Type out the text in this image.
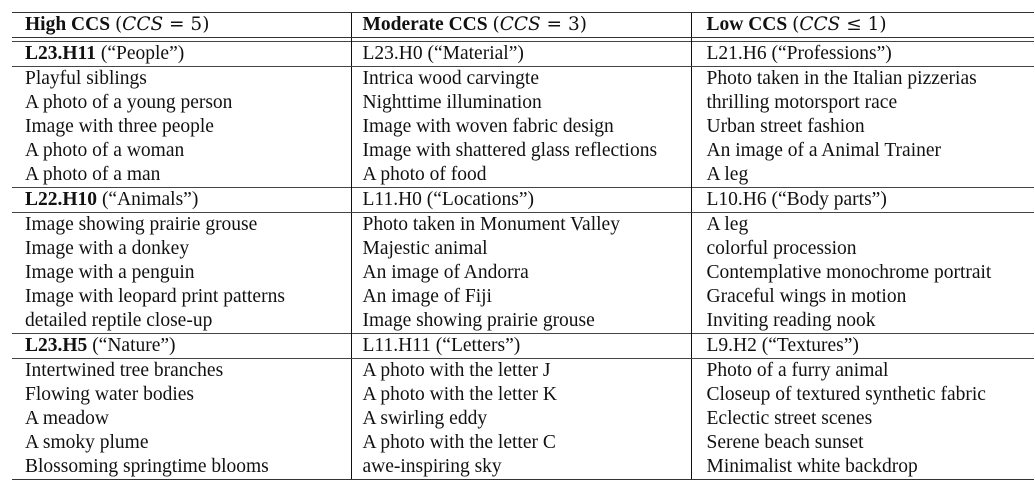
High CCS (CCS = 5)	Moderate CCS (CCS = 3)	Low CCS (CCS ≤ 1)

L23.H11 (“People”)	L23.H0 (“Material”)	L21.H6 (“Professions”)
Playful siblings	Intrica wood carvingte	Photo taken in the Italian pizzerias
A photo of a young person	Nighttime illumination	thrilling motorsport race
Image with three people	Image with woven fabric design	Urban street fashion
A photo of a woman	Image with shattered glass reflections	An image of a Animal Trainer
A photo of a man	A photo of food	A leg
L22.H10 (“Animals”)	L11.H0 (“Locations”)	L10.H6 (“Body parts”)
Image showing prairie grouse	Photo taken in Monument Valley	A leg
Image with a donkey	Majestic animal	colorful procession
Image with a penguin	An image of Andorra	Contemplative monochrome portrait
Image with leopard print patterns	An image of Fiji	Graceful wings in motion
detailed reptile close-up	Image showing prairie grouse	Inviting reading nook
L23.H5 (“Nature”)	L11.H11 (“Letters”)	L9.H2 (“Textures”)
Intertwined tree branches	A photo with the letter J	Photo of a furry animal
Flowing water bodies	A photo with the letter K	Closeup of textured synthetic fabric
A meadow	A swirling eddy	Eclectic street scenes
A smoky plume	A photo with the letter C	Serene beach sunset
Blossoming springtime blooms	awe-inspiring sky	Minimalist white backdrop
